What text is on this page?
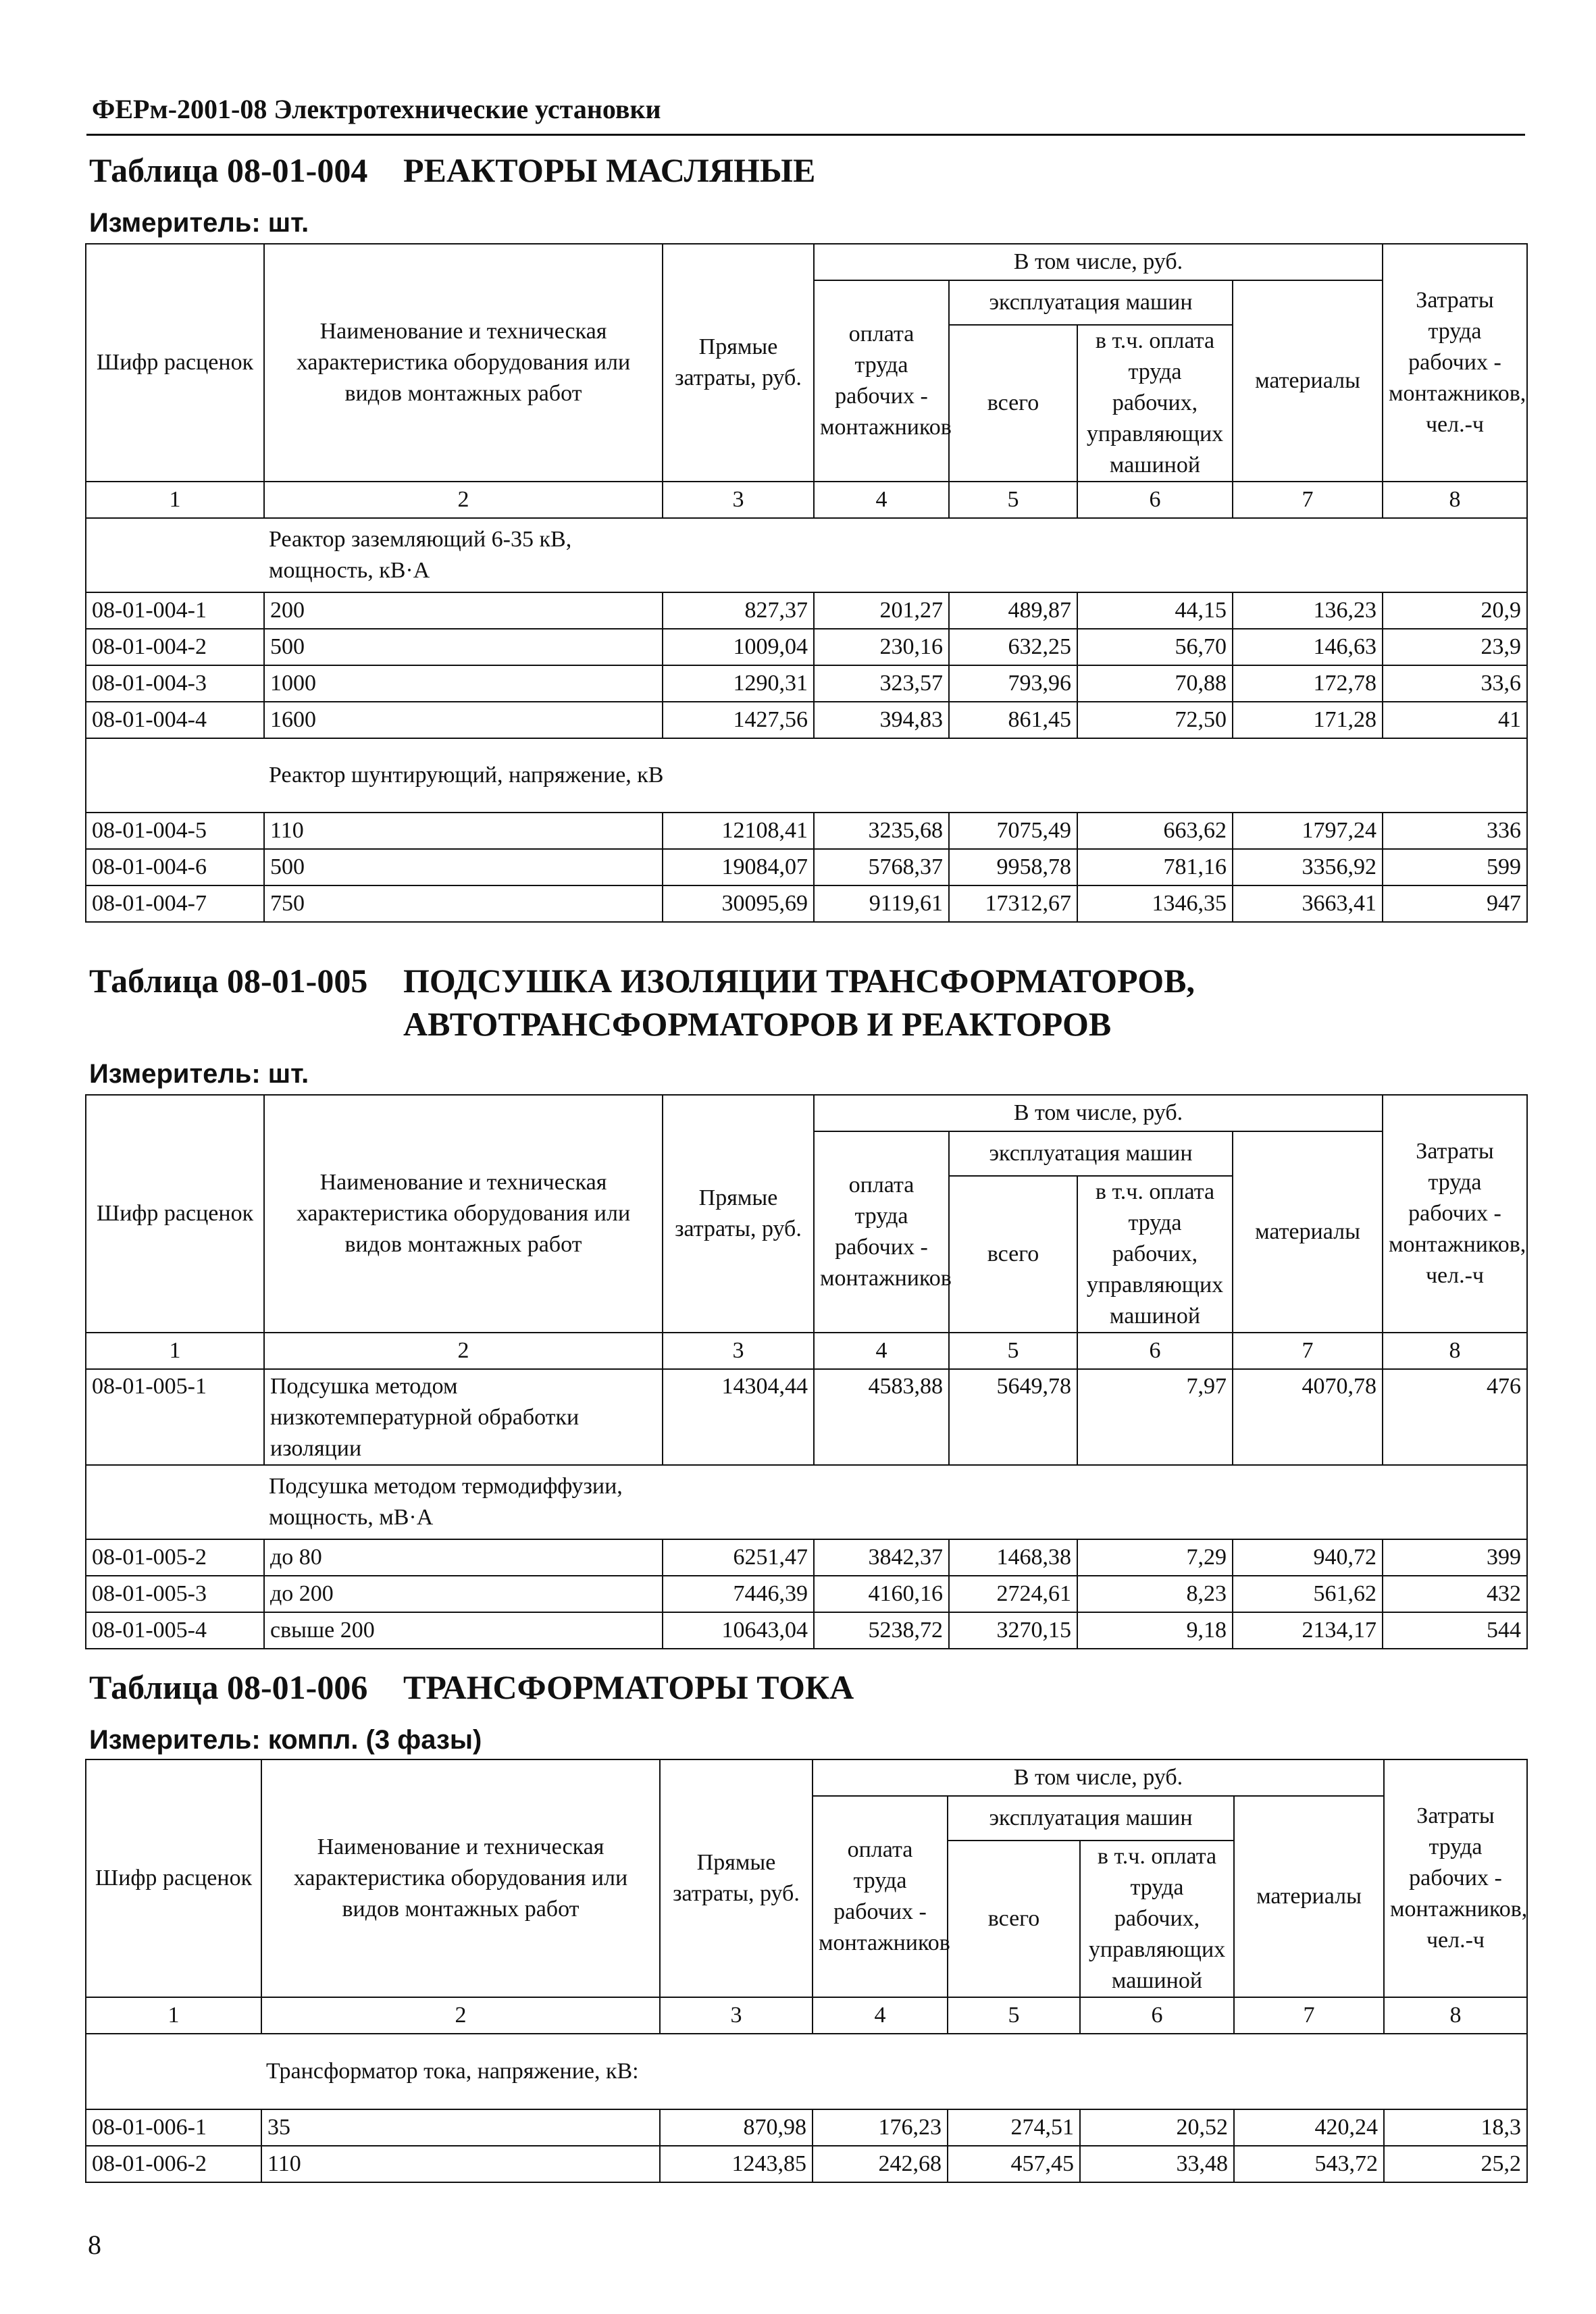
ФЕРм-2001-08 Электротехнические установки
Таблица 08-01-004 РЕАКТОРЫ МАСЛЯНЫЕ
Измеритель: шт.
Шифр расценок	Наименование и техническая характеристика оборудования или видов монтажных работ	Прямые затраты, руб.	В том числе, руб.				Затраты труда рабочих - монтажников, чел.-ч
			оплата труда рабочих - монтажников	эксплуатация машин		материалы	
				всего	в т.ч. оплата труда рабочих, управляющих машиной		
1	2	3	4	5	6	7	8
Реактор заземляющий 6-35 кВ, мощность, кВ·А							
08-01-004-1	200	827,37	201,27	489,87	44,15	136,23	20,9
08-01-004-2	500	1009,04	230,16	632,25	56,70	146,63	23,9
08-01-004-3	1000	1290,31	323,57	793,96	70,88	172,78	33,6
08-01-004-4	1600	1427,56	394,83	861,45	72,50	171,28	41
Реактор шунтирующий, напряжение, кВ							
08-01-004-5	110	12108,41	3235,68	7075,49	663,62	1797,24	336
08-01-004-6	500	19084,07	5768,37	9958,78	781,16	3356,92	599
08-01-004-7	750	30095,69	9119,61	17312,67	1346,35	3663,41	947
Таблица 08-01-005 ПОДСУШКА ИЗОЛЯЦИИ ТРАНСФОРМАТОРОВ,
АВТОТРАНСФОРМАТОРОВ И РЕАКТОРОВ
Измеритель: шт.
Шифр расценок	Наименование и техническая характеристика оборудования или видов монтажных работ	Прямые затраты, руб.	В том числе, руб.				Затраты труда рабочих - монтажников, чел.-ч
			оплата труда рабочих - монтажников	эксплуатация машин		материалы	
				всего	в т.ч. оплата труда рабочих, управляющих машиной		
1	2	3	4	5	6	7	8
08-01-005-1	Подсушка методом низкотемпературной обработки изоляции	14304,44	4583,88	5649,78	7,97	4070,78	476
Подсушка методом термодиффузии, мощность, мВ·А							
08-01-005-2	до 80	6251,47	3842,37	1468,38	7,29	940,72	399
08-01-005-3	до 200	7446,39	4160,16	2724,61	8,23	561,62	432
08-01-005-4	свыше 200	10643,04	5238,72	3270,15	9,18	2134,17	544
Таблица 08-01-006 ТРАНСФОРМАТОРЫ ТОКА
Измеритель: компл. (3 фазы)
Шифр расценок	Наименование и техническая характеристика оборудования или видов монтажных работ	Прямые затраты, руб.	В том числе, руб.				Затраты труда рабочих - монтажников, чел.-ч
			оплата труда рабочих - монтажников	эксплуатация машин		материалы	
				всего	в т.ч. оплата труда рабочих, управляющих машиной		
1	2	3	4	5	6	7	8
Трансформатор тока, напряжение, кВ:							
08-01-006-1	35	870,98	176,23	274,51	20,52	420,24	18,3
08-01-006-2	110	1243,85	242,68	457,45	33,48	543,72	25,2
8
